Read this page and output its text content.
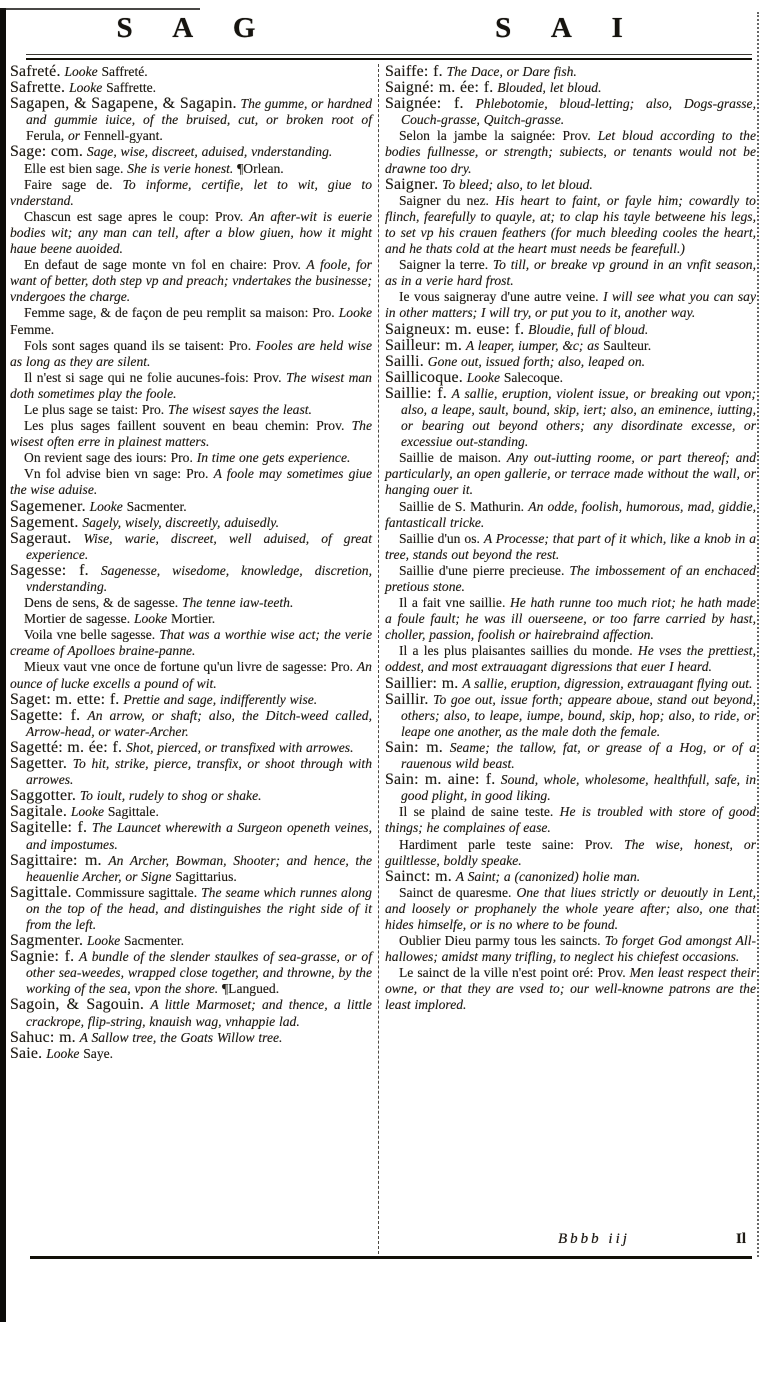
S A G	S A I

Safreté. Looke Saffreté.

Safrette. Looke Saffrette.

Sagapen, & Sagapene, & Sagapin. The gumme, or hardned and gummie iuice, of the bruised, cut, or broken root of Ferula, or Fennell-gyant.

Sage: com. Sage, wise, discreet, aduised, vnderstanding.

Elle est bien sage. She is verie honest. ¶Orlean.

Faire sage de. To informe, certifie, let to wit, giue to vnderstand.

Chascun est sage apres le coup: Prov. An after-wit is euerie bodies wit; any man can tell, after a blow giuen, how it might haue beene auoided.

En defaut de sage monte vn fol en chaire: Prov. A foole, for want of better, doth step vp and preach; vndertakes the businesse; vndergoes the charge.

Femme sage, & de façon de peu remplit sa maison: Pro. Looke Femme.

Fols sont sages quand ils se taisent: Pro. Fooles are held wise as long as they are silent.

Il n'est si sage qui ne folie aucunes-fois: Prov. The wisest man doth sometimes play the foole.

Le plus sage se taist: Pro. The wisest sayes the least.

Les plus sages faillent souvent en beau chemin: Prov. The wisest often erre in plainest matters.

On revient sage des iours: Pro. In time one gets experience.

Vn fol advise bien vn sage: Pro. A foole may sometimes giue the wise aduise.

Sagemener. Looke Sacmenter.

Sagement. Sagely, wisely, discreetly, aduisedly.

Sageraut. Wise, warie, discreet, well aduised, of great experience.

Sagesse: f. Sagenesse, wisedome, knowledge, discretion, vnderstanding.

Dens de sens, & de sagesse. The tenne iaw-teeth.

Mortier de sagesse. Looke Mortier.

Voila vne belle sagesse. That was a worthie wise act; the verie creame of Apolloes braine-panne.

Mieux vaut vne once de fortune qu'un livre de sagesse: Pro. An ounce of lucke excells a pound of wit.

Saget: m. ette: f. Prettie and sage, indifferently wise.

Sagette: f. An arrow, or shaft; also, the Ditch-weed called, Arrow-head, or water-Archer.

Sagetté: m. ée: f. Shot, pierced, or transfixed with arrowes.

Sagetter. To hit, strike, pierce, transfix, or shoot through with arrowes.

Saggotter. To ioult, rudely to shog or shake.

Sagitale. Looke Sagittale.

Sagitelle: f. The Launcet wherewith a Surgeon openeth veines, and impostumes.

Sagittaire: m. An Archer, Bowman, Shooter; and hence, the heauenlie Archer, or Signe Sagittarius.

Sagittale. Commissure sagittale. The seame which runnes along on the top of the head, and distinguishes the right side of it from the left.

Sagmenter. Looke Sacmenter.

Sagnie: f. A bundle of the slender staulkes of sea-grasse, or of other sea-weedes, wrapped close together, and throwne, by the working of the sea, vpon the shore. ¶Langued.

Sagoin, & Sagouin. A little Marmoset; and thence, a little crackrope, flip-string, knauish wag, vnhappie lad.

Sahuc: m. A Sallow tree, the Goats Willow tree.

Saie. Looke Saye.

Saiffe: f. The Dace, or Dare fish.

Saigné: m. ée: f. Blouded, let bloud.

Saignée: f. Phlebotomie, bloud-letting; also, Dogs-grasse, Couch-grasse, Quitch-grasse.

Selon la jambe la saignée: Prov. Let bloud according to the bodies fullnesse, or strength; subiects, or tenants would not be drawne too dry.

Saigner. To bleed; also, to let bloud.

Saigner du nez. His heart to faint, or fayle him; cowardly to flinch, fearefully to quayle, at; to clap his tayle betweene his legs, to set vp his crauen feathers (for much bleeding cooles the heart, and he thats cold at the heart must needs be fearefull.)

Saigner la terre. To till, or breake vp ground in an vnfit season, as in a verie hard frost.

Ie vous saigneray d'une autre veine. I will see what you can say in other matters; I will try, or put you to it, another way.

Saigneux: m. euse: f. Bloudie, full of bloud.

Sailleur: m. A leaper, iumper, &c; as Saulteur.

Sailli. Gone out, issued forth; also, leaped on.

Saillicoque. Looke Salecoque.

Saillie: f. A sallie, eruption, violent issue, or breaking out vpon; also, a leape, sault, bound, skip, iert; also, an eminence, iutting, or bearing out beyond others; any disordinate excesse, or excessiue out-standing.

Saillie de maison. Any out-iutting roome, or part thereof; and particularly, an open gallerie, or terrace made without the wall, or hanging ouer it.

Saillie de S. Mathurin. An odde, foolish, humorous, mad, giddie, fantasticall tricke.

Saillie d'un os. A Processe; that part of it which, like a knob in a tree, stands out beyond the rest.

Saillie d'une pierre precieuse. The imbossement of an enchaced pretious stone.

Il a fait vne saillie. He hath runne too much riot; he hath made a foule fault; he was ill ouerseene, or too farre carried by hast, choller, passion, foolish or hairebraind affection.

Il a les plus plaisantes saillies du monde. He vses the prettiest, oddest, and most extrauagant digressions that euer I heard.

Saillier: m. A sallie, eruption, digression, extrauagant flying out.

Saillir. To goe out, issue forth; appeare aboue, stand out beyond, others; also, to leape, iumpe, bound, skip, hop; also, to ride, or leape one another, as the male doth the female.

Sain: m. Seame; the tallow, fat, or grease of a Hog, or of a rauenous wild beast.

Sain: m. aine: f. Sound, whole, wholesome, healthfull, safe, in good plight, in good liking.

Il se plaind de saine teste. He is troubled with store of good things; he complaines of ease.

Hardiment parle teste saine: Prov. The wise, honest, or guiltlesse, boldly speake.

Sainct: m. A Saint; a (canonized) holie man.

Sainct de quaresme. One that liues strictly or deuoutly in Lent, and loosely or prophanely the whole yeare after; also, one that hides himselfe, or is no where to be found.

Oublier Dieu parmy tous les saincts. To forget God amongst All-hallowes; amidst many trifling, to neglect his chiefest occasions.

Le sainct de la ville n'est point oré: Prov. Men least respect their owne, or that they are vsed to; our well-knowne patrons are the least implored.

Bbbb iij	Il
